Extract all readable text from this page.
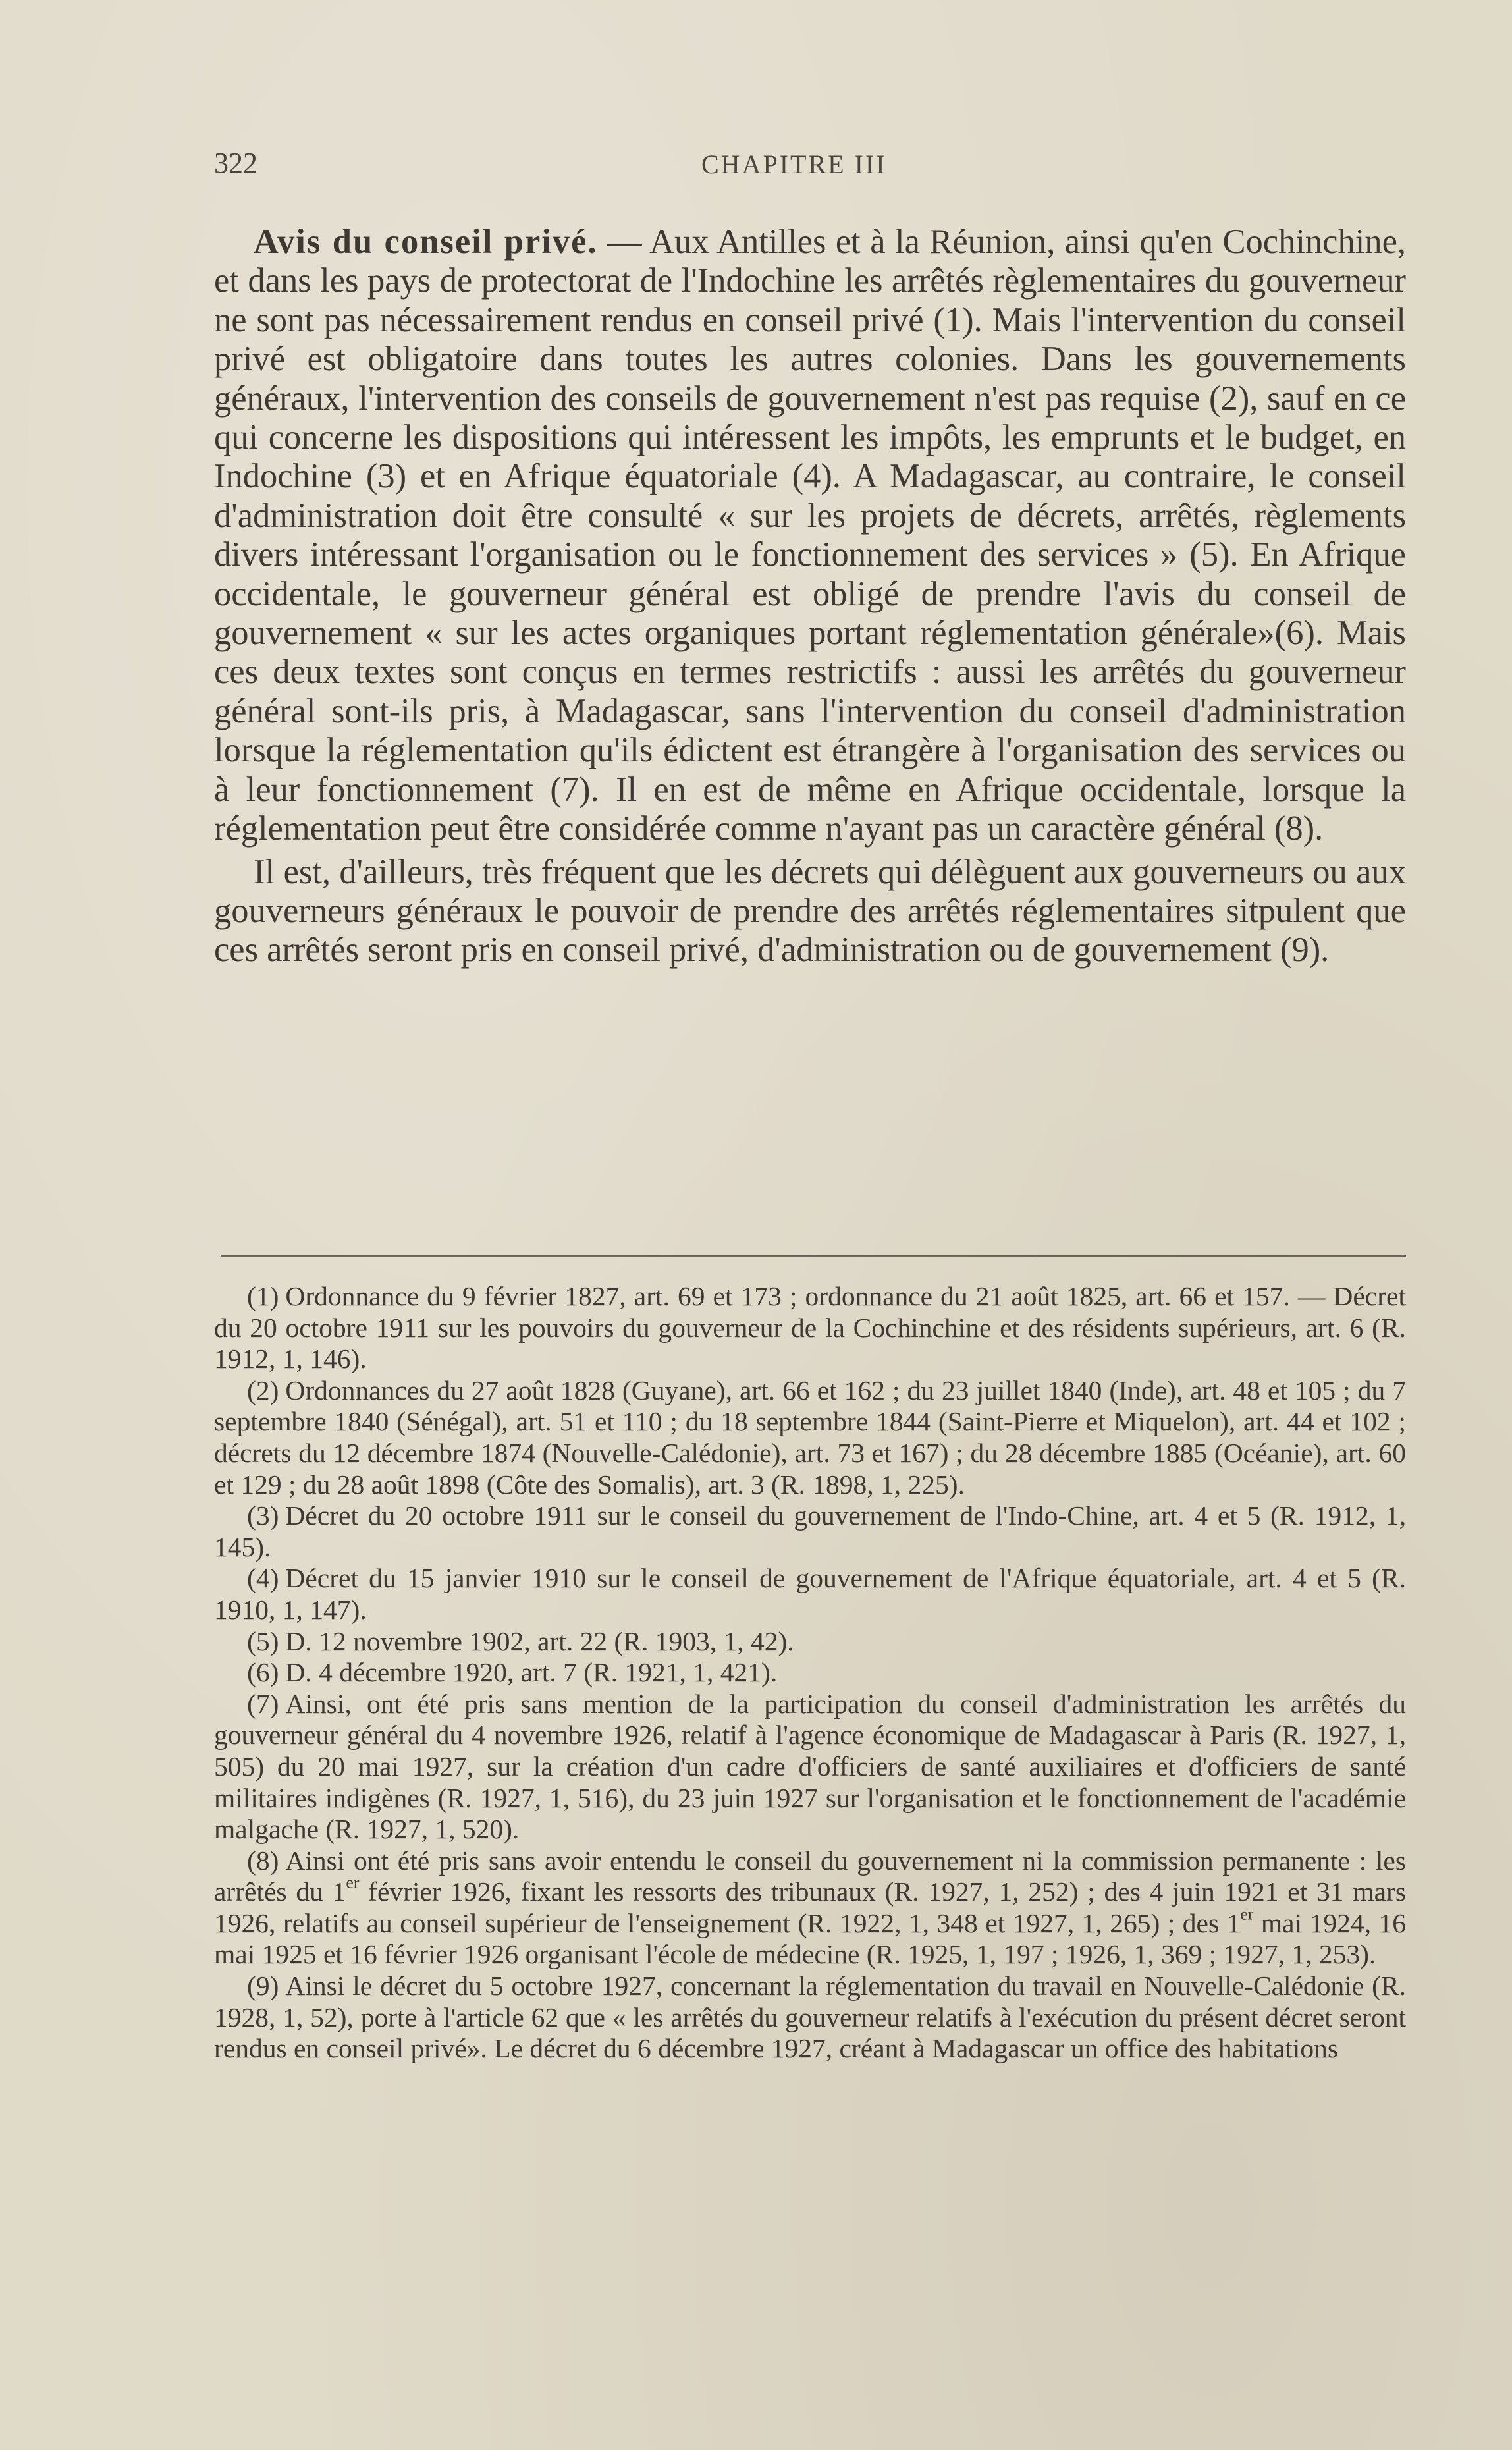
322	CHAPITRE III

Avis du conseil privé. — Aux Antilles et à la Réunion, ainsi qu'en Cochinchine, et dans les pays de protectorat de l'Indochine les arrêtés règlementaires du gouverneur ne sont pas nécessairement rendus en conseil privé (1). Mais l'intervention du conseil privé est obligatoire dans toutes les autres colonies. Dans les gouvernements généraux, l'intervention des conseils de gouvernement n'est pas requise (2), sauf en ce qui concerne les dispositions qui intéressent les impôts, les emprunts et le budget, en Indochine (3) et en Afrique équatoriale (4). A Madagascar, au contraire, le conseil d'administration doit être consulté « sur les projets de décrets, arrêtés, règlements divers intéressant l'organisation ou le fonctionnement des services » (5). En Afrique occidentale, le gouverneur général est obligé de prendre l'avis du conseil de gouvernement « sur les actes organiques portant réglementation générale»(6). Mais ces deux textes sont conçus en termes restrictifs : aussi les arrêtés du gouverneur général sont-ils pris, à Madagascar, sans l'intervention du conseil d'administration lorsque la réglementation qu'ils édictent est étrangère à l'organisation des services ou à leur fonctionnement (7). Il en est de même en Afrique occidentale, lorsque la réglementation peut être considérée comme n'ayant pas un caractère général (8).

Il est, d'ailleurs, très fréquent que les décrets qui délèguent aux gouverneurs ou aux gouverneurs généraux le pouvoir de prendre des arrêtés réglementaires sitpulent que ces arrêtés seront pris en conseil privé, d'administration ou de gouvernement (9).

(1) Ordonnance du 9 février 1827, art. 69 et 173 ; ordonnance du 21 août 1825, art. 66 et 157. — Décret du 20 octobre 1911 sur les pouvoirs du gouverneur de la Cochinchine et des résidents supérieurs, art. 6 (R. 1912, 1, 146).

(2) Ordonnances du 27 août 1828 (Guyane), art. 66 et 162 ; du 23 juillet 1840 (Inde), art. 48 et 105 ; du 7 septembre 1840 (Sénégal), art. 51 et 110 ; du 18 septembre 1844 (Saint-Pierre et Miquelon), art. 44 et 102 ; décrets du 12 décembre 1874 (Nouvelle-Calédonie), art. 73 et 167) ; du 28 décembre 1885 (Océanie), art. 60 et 129 ; du 28 août 1898 (Côte des Somalis), art. 3 (R. 1898, 1, 225).

(3) Décret du 20 octobre 1911 sur le conseil du gouvernement de l'Indo-Chine, art. 4 et 5 (R. 1912, 1, 145).

(4) Décret du 15 janvier 1910 sur le conseil de gouvernement de l'Afrique équatoriale, art. 4 et 5 (R. 1910, 1, 147).

(5) D. 12 novembre 1902, art. 22 (R. 1903, 1, 42).

(6) D. 4 décembre 1920, art. 7 (R. 1921, 1, 421).

(7) Ainsi, ont été pris sans mention de la participation du conseil d'administration les arrêtés du gouverneur général du 4 novembre 1926, relatif à l'agence économique de Madagascar à Paris (R. 1927, 1, 505) du 20 mai 1927, sur la création d'un cadre d'officiers de santé auxiliaires et d'officiers de santé militaires indigènes (R. 1927, 1, 516), du 23 juin 1927 sur l'organisation et le fonctionnement de l'académie malgache (R. 1927, 1, 520).

(8) Ainsi ont été pris sans avoir entendu le conseil du gouvernement ni la commission permanente : les arrêtés du 1er février 1926, fixant les ressorts des tribunaux (R. 1927, 1, 252) ; des 4 juin 1921 et 31 mars 1926, relatifs au conseil supérieur de l'enseignement (R. 1922, 1, 348 et 1927, 1, 265) ; des 1er mai 1924, 16 mai 1925 et 16 février 1926 organisant l'école de médecine (R. 1925, 1, 197 ; 1926, 1, 369 ; 1927, 1, 253).

(9) Ainsi le décret du 5 octobre 1927, concernant la réglementation du travail en Nouvelle-Calédonie (R. 1928, 1, 52), porte à l'article 62 que « les arrêtés du gouverneur relatifs à l'exécution du présent décret seront rendus en conseil privé». Le décret du 6 décembre 1927, créant à Madagascar un office des habitations
